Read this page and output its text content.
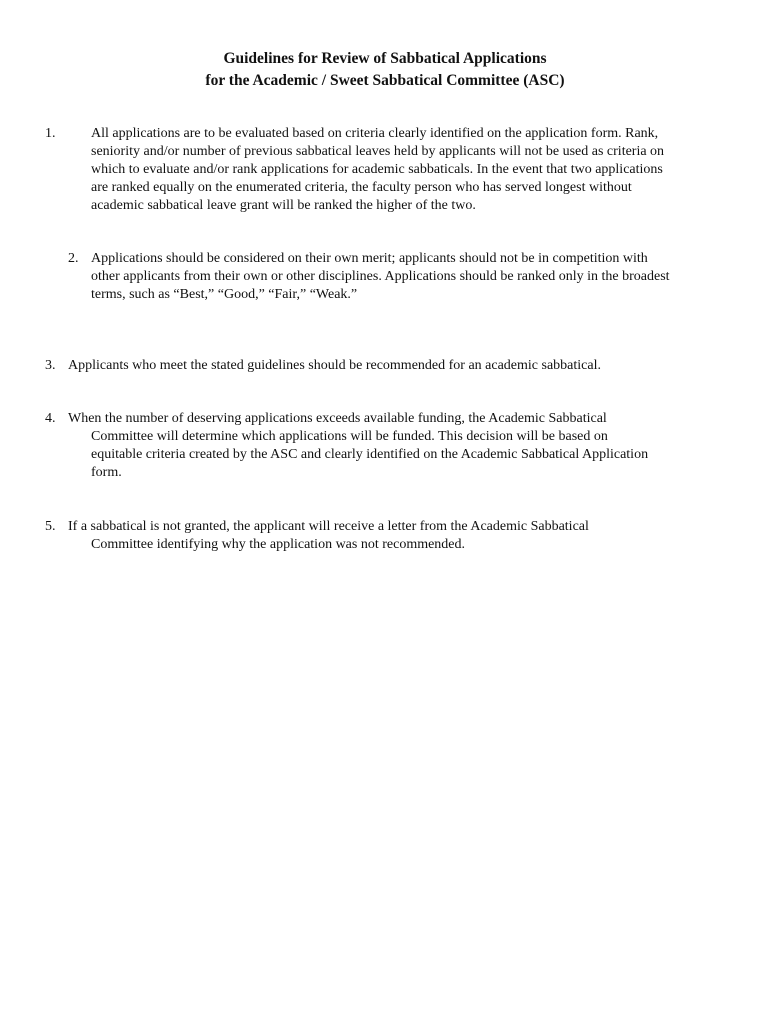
Guidelines for Review of Sabbatical Applications
for the Academic / Sweet Sabbatical Committee (ASC)
1.	All applications are to be evaluated based on criteria clearly identified on the application form. Rank,
seniority and/or number of previous sabbatical leaves held by applicants will not be used as criteria on
which to evaluate and/or rank applications for academic sabbaticals. In the event that two applications
are ranked equally on the enumerated criteria, the faculty person who has served longest without
academic sabbatical leave grant will be ranked the higher of the two.
2. Applications should be considered on their own merit; applicants should not be in competition with
other applicants from their own or other disciplines. Applications should be ranked only in the broadest
terms, such as “Best,” “Good,” “Fair,” “Weak.”
3. Applicants who meet the stated guidelines should be recommended for an academic sabbatical.
4. When the number of deserving applications exceeds available funding, the Academic Sabbatical
Committee will determine which applications will be funded. This decision will be based on
equitable criteria created by the ASC and clearly identified on the Academic Sabbatical Application
form.
5. If a sabbatical is not granted, the applicant will receive a letter from the Academic Sabbatical
Committee identifying why the application was not recommended.
